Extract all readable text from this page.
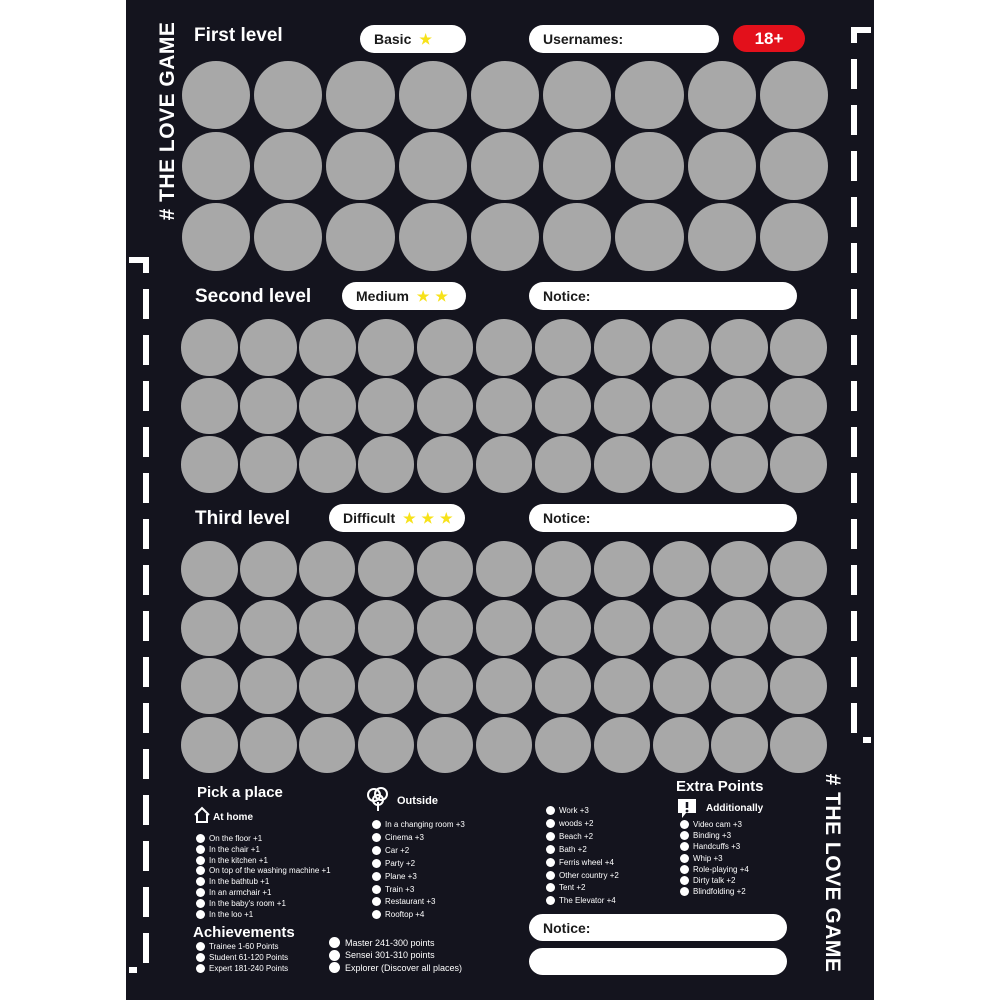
# THE LOVE GAME
# THE LOVE GAME
First level	Basic ★	Usernames:	18+
Second level	Medium ★ ★	Notice:
Third level	Difficult ★ ★ ★	Notice:
Pick a place
At home
On the floor +1
In the chair +1
In the kitchen +1
On top of the washing machine +1
In the bathtub +1
In an armchair +1
In the baby's room +1
In the loo +1
Outside
In a changing room +3
Cinema +3
Car +2
Party +2
Plane +3
Train +3
Restaurant +3
Rooftop +4
Work +3
woods +2
Beach +2
Bath +2
Ferris wheel +4
Other country +2
Tent +2
The Elevator +4
Extra Points
Additionally
Video cam +3
Binding +3
Handcuffs +3
Whip +3
Role-playing +4
Dirty talk +2
Blindfolding +2
Achievements
Trainee 1-60 Points
Student 61-120 Points
Expert 181-240 Points
Master 241-300 points
Sensei 301-310 points
Explorer (Discover all places)
Notice:
